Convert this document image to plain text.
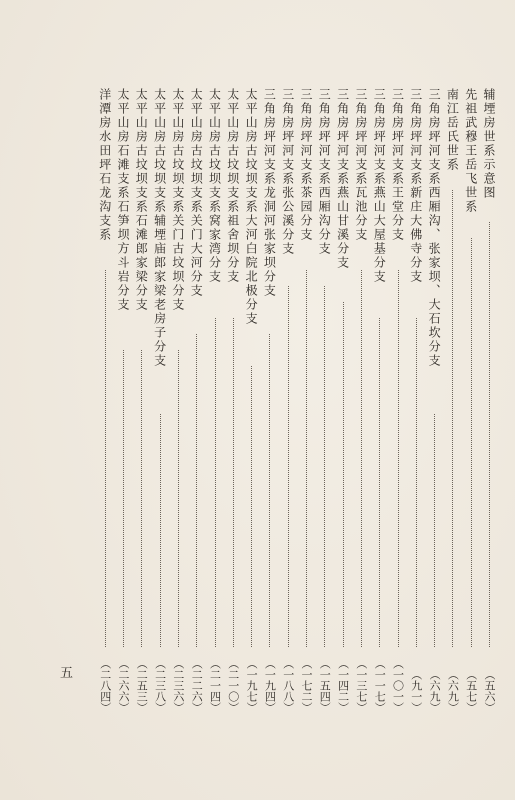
辅堙房世系示意图
（五六）
先祖武穆王岳飞世系
（五七）
南江岳氏世系
（六九）
三角房坪河支系西厢沟、张家坝、大石坎分支
（六九）
三角房坪河支系新庄大佛寺分支
（九一）
三角房坪河支系王堂分支
（一〇一）
三角房坪河支系燕山大屋基分支
（一一七）
三角房坪河支系瓦池分支
（一三七）
三角房坪河支系燕山甘溪分支
（一四二）
三角房坪河支系西厢沟分支
（一五四）
三角房坪河支系茶园分支
（一七二）
三角房坪河支系张公溪分支
（一八八）
三角房坪河支系龙洞河张家坝分支
（一九四）
太平山房古坟坝支系大河白院北极分支
（一九七）
太平山房古坟坝支系祖舍坝分支
（二一〇）
太平山房古坟坝支系窝家湾分支
（二一四）
太平山房古坟坝支系关门大河分支
（二二六）
太平山房古坟坝支系关门古坟坝分支
（二三六）
太平山房古坟坝支系辅堙庙郎家梁老房子分支
（二三八）
太平山房古坟坝支系石滩郎家梁分支
（二五三）
太平山房石滩支系石笋坝方斗岩分支
（二六六）
洋潭房水田坪石龙沟支系
（二八四）
五
